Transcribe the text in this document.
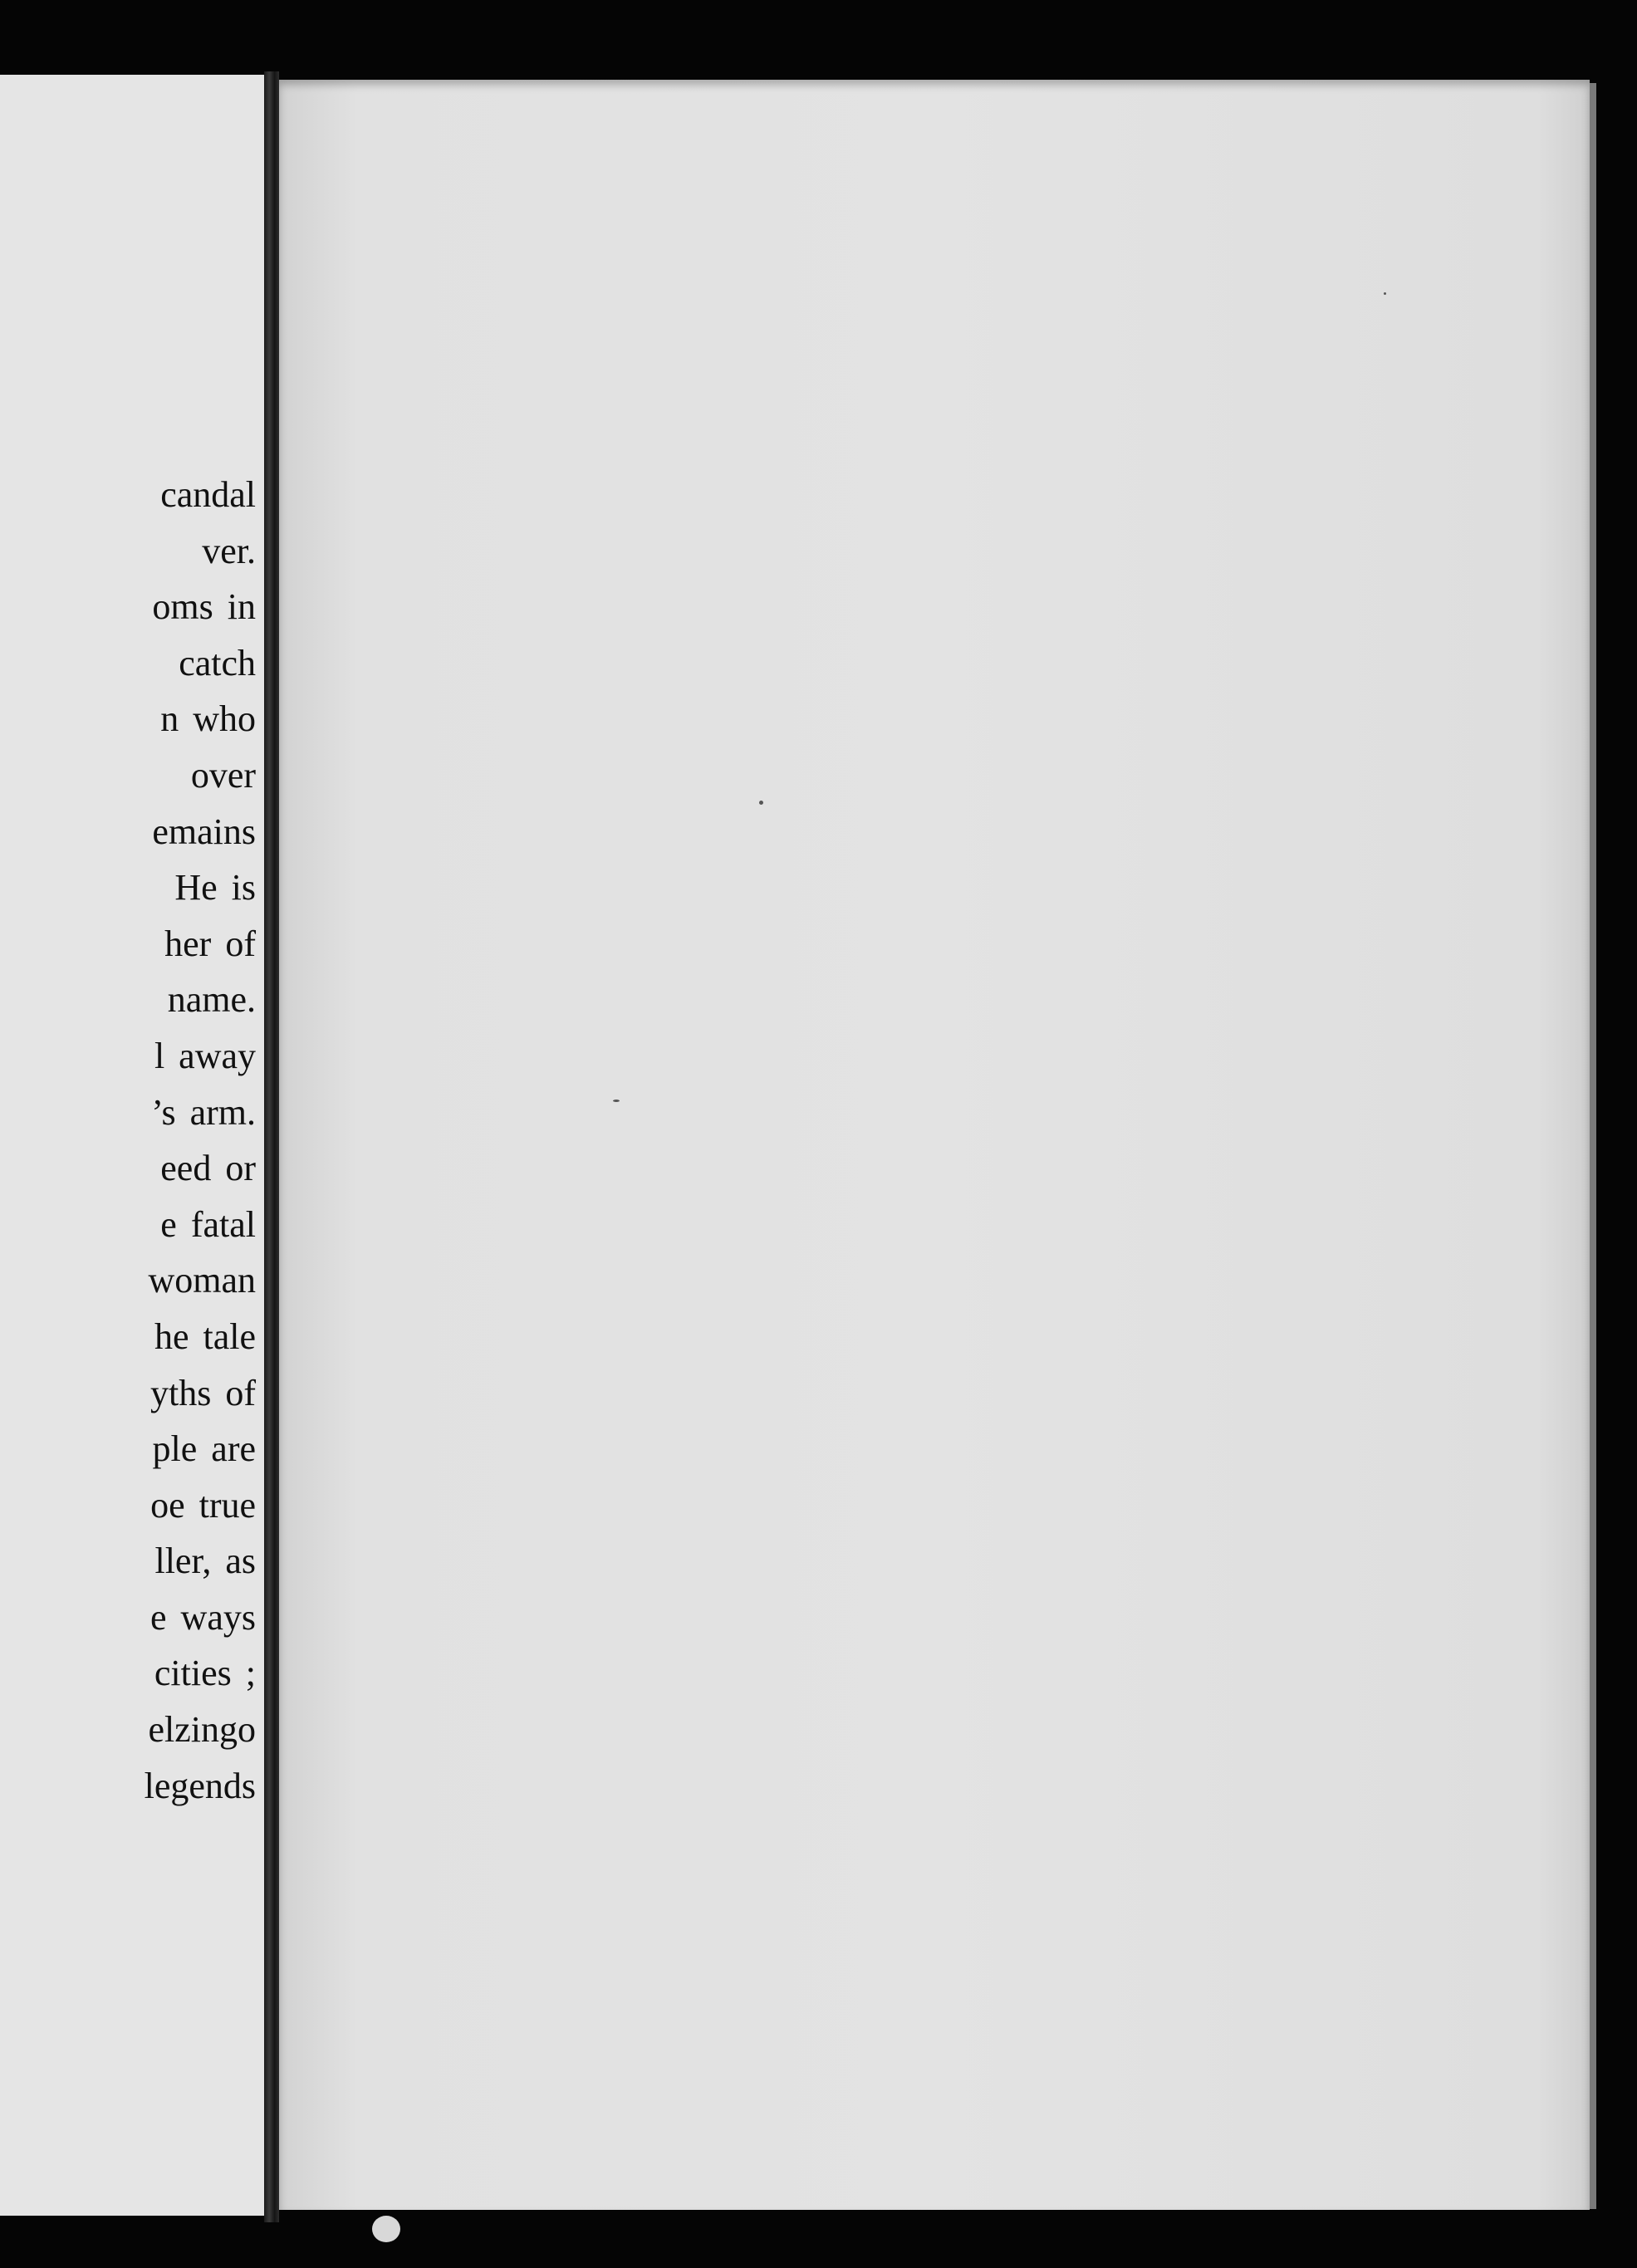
candal
ver.
oms in
catch
n who
over
emains
He is
her of
name.
l away
’s arm.
eed or
e fatal
woman
he tale
yths of
ple are
oe true
ller, as
e ways
cities ;
elzingo
legends
